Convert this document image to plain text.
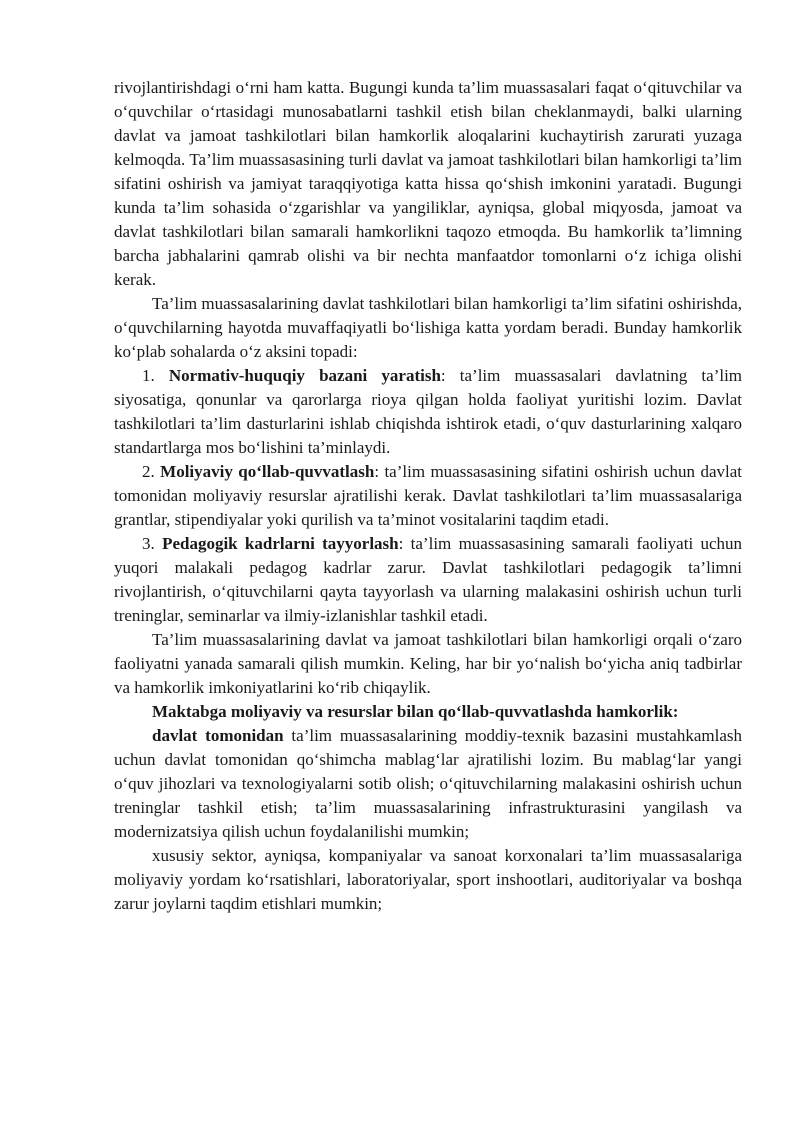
rivojlantirishdagi o‘rni ham katta. Bugungi kunda ta’lim muassasalari faqat o‘qituvchilar va o‘quvchilar o‘rtasidagi munosabatlarni tashkil etish bilan cheklanmaydi, balki ularning davlat va jamoat tashkilotlari bilan hamkorlik aloqalarini kuchaytirish zarurati yuzaga kelmoqda. Ta’lim muassasasining turli davlat va jamoat tashkilotlari bilan hamkorligi ta’lim sifatini oshirish va jamiyat taraqqiyotiga katta hissa qo‘shish imkonini yaratadi. Bugungi kunda ta’lim sohasida o‘zgarishlar va yangiliklar, ayniqsa, global miqyosda, jamoat va davlat tashkilotlari bilan samarali hamkorlikni taqozo etmoqda. Bu hamkorlik ta’limning barcha jabhalarini qamrab olishi va bir nechta manfaatdor tomonlarni o‘z ichiga olishi kerak.

Ta’lim muassasalarining davlat tashkilotlari bilan hamkorligi ta’lim sifatini oshirishda, o‘quvchilarning hayotda muvaffaqiyatli bo‘lishiga katta yordam beradi. Bunday hamkorlik ko‘plab sohalarda o‘z aksini topadi:

1. Normativ-huquqiy bazani yaratish: ta’lim muassasalari davlatning ta’lim siyosatiga, qonunlar va qarorlarga rioya qilgan holda faoliyat yuritishi lozim. Davlat tashkilotlari ta’lim dasturlarini ishlab chiqishda ishtirok etadi, o‘quv dasturlarining xalqaro standartlarga mos bo‘lishini ta’minlaydi.

2. Moliyaviy qo‘llab-quvvatlash: ta’lim muassasasining sifatini oshirish uchun davlat tomonidan moliyaviy resurslar ajratilishi kerak. Davlat tashkilotlari ta’lim muassasalariga grantlar, stipendiyalar yoki qurilish va ta’minot vositalarini taqdim etadi.

3. Pedagogik kadrlarni tayyorlash: ta’lim muassasasining samarali faoliyati uchun yuqori malakali pedagog kadrlar zarur. Davlat tashkilotlari pedagogik ta’limni rivojlantirish, o‘qituvchilarni qayta tayyorlash va ularning malakasini oshirish uchun turli treninglar, seminarlar va ilmiy-izlanishlar tashkil etadi.

Ta’lim muassasalarining davlat va jamoat tashkilotlari bilan hamkorligi orqali o‘zaro faoliyatni yanada samarali qilish mumkin. Keling, har bir yo‘nalish bo‘yicha aniq tadbirlar va hamkorlik imkoniyatlarini ko‘rib chiqaylik.

Maktabga moliyaviy va resurslar bilan qo‘llab-quvvatlashda hamkorlik:

davlat tomonidan ta’lim muassasalarining moddiy-texnik bazasini mustahkamlash uchun davlat tomonidan qo‘shimcha mablag‘lar ajratilishi lozim. Bu mablag‘lar yangi o‘quv jihozlari va texnologiyalarni sotib olish; o‘qituvchilarning malakasini oshirish uchun treninglar tashkil etish; ta’lim muassasalarining infrastrukturasini yangilash va modernizatsiya qilish uchun foydalanilishi mumkin;

xususiy sektor, ayniqsa, kompaniyalar va sanoat korxonalari ta’lim muassasalariga moliyaviy yordam ko‘rsatishlari, laboratoriyalar, sport inshootlari, auditoriyalar va boshqa zarur joylarni taqdim etishlari mumkin;
